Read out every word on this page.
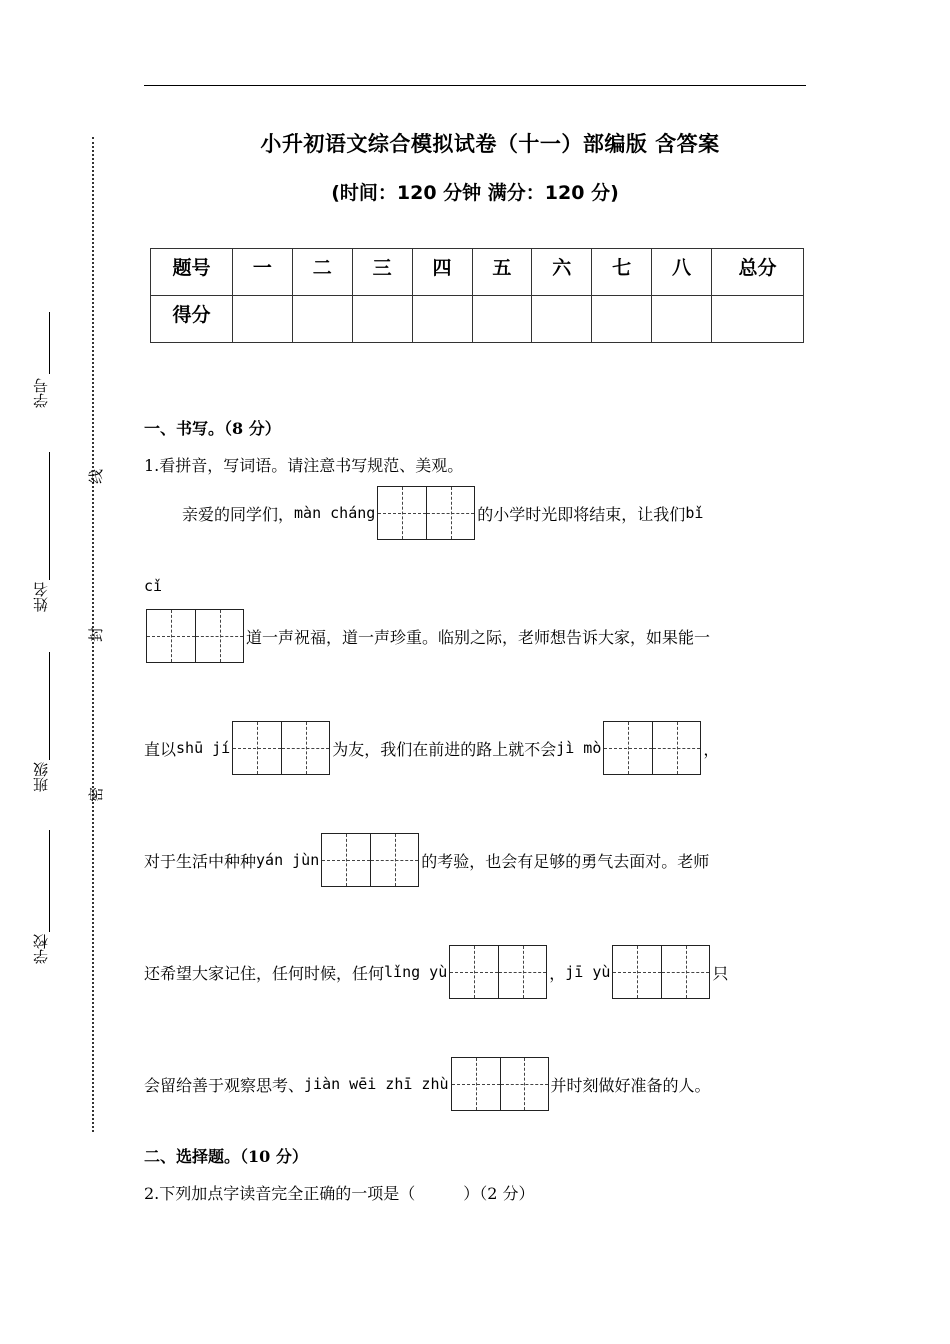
小升初语文综合模拟试卷（十一）部编版 含答案
(时间：120 分钟 满分：120 分)
题号	一	二	三	四	五	六	七	八	总分
得分									
学号
姓名
班级
学校
线
封
密
一、书写。（8 分）
1.看拼音，写词语。请注意书写规范、美观。
亲爱的同学们， màn cháng	的小学时光即将结束，让我们 bǐ
cǐ
道一声祝福，道一声珍重。临别之际，老师想告诉大家，如果能一
直以 shū jí	为友，我们在前进的路上就不会 jì mò	，
对于生活中种种 yán jùn	的考验，也会有足够的勇气去面对。老师
还希望大家记住，任何时候，任何 lǐng yù	， jī yù	只
会留给善于观察思考、 jiàn wēi zhī zhù	并时刻做好准备的人。
二、选择题。（10 分）
2.下列加点字读音完全正确的一项是（　　　）（2 分）
